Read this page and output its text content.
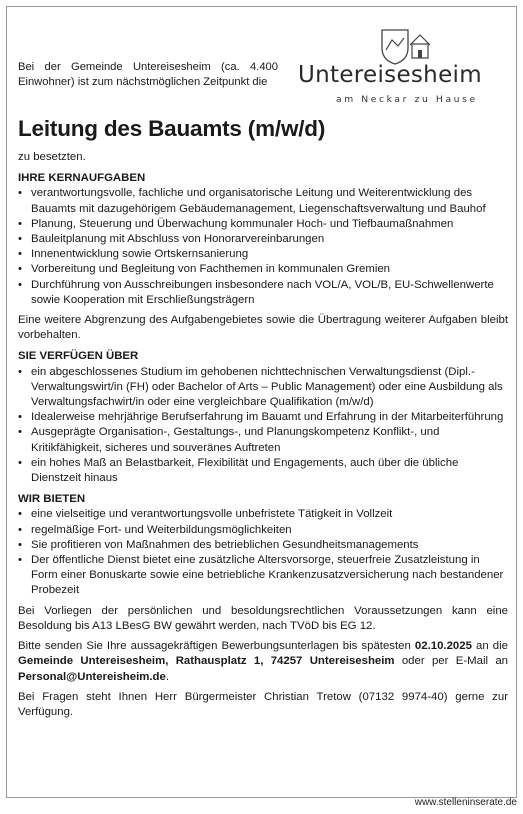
Bei der Gemeinde Untereisesheim (ca. 4.400 Einwohner) ist zum nächstmöglichen Zeitpunkt die	Untereisesheim
am Neckar zu Hause
Leitung des Bauamts (m/w/d)
zu besetzten.
IHRE KERNAUFGABEN
• verantwortungsvolle, fachliche und organisatorische Leitung und Weiterentwicklung des Bauamts mit dazugehörigem Gebäudemanagement, Liegenschaftsverwaltung und Bauhof
• Planung, Steuerung und Überwachung kommunaler Hoch- und Tiefbaumaßnahmen
• Bauleitplanung mit Abschluss von Honorarvereinbarungen
• Innenentwicklung sowie Ortskernsanierung
• Vorbereitung und Begleitung von Fachthemen in kommunalen Gremien
• Durchführung von Ausschreibungen insbesondere nach VOL/A, VOL/B, EU-Schwellenwerte sowie Kooperation mit Erschließungsträgern
Eine weitere Abgrenzung des Aufgabengebietes sowie die Übertragung weiterer Aufgaben bleibt vorbehalten.
SIE VERFÜGEN ÜBER
• ein abgeschlossenes Studium im gehobenen nichttechnischen Verwaltungsdienst (Dipl.-Verwaltungswirt/in (FH) oder Bachelor of Arts – Public Management) oder eine Ausbildung als Verwaltungsfachwirt/in oder eine vergleichbare Qualifikation (m/w/d)
• Idealerweise mehrjährige Berufserfahrung im Bauamt und Erfahrung in der Mitarbeiterführung
• Ausgeprägte Organisation-, Gestaltungs-, und Planungskompetenz Konflikt-, und Kritikfähigkeit, sicheres und souveränes Auftreten
• ein hohes Maß an Belastbarkeit, Flexibilität und Engagements, auch über die übliche Dienstzeit hinaus
WIR BIETEN
• eine vielseitige und verantwortungsvolle unbefristete Tätigkeit in Vollzeit
• regelmäßige Fort- und Weiterbildungsmöglichkeiten
• Sie profitieren von Maßnahmen des betrieblichen Gesundheitsmanagements
• Der öffentliche Dienst bietet eine zusätzliche Altersvorsorge, steuerfreie Zusatzleistung in Form einer Bonuskarte sowie eine betriebliche Krankenzusatzversicherung nach bestandener Probezeit
Bei Vorliegen der persönlichen und besoldungsrechtlichen Voraussetzungen kann eine Besoldung bis A13 LBesG BW gewährt werden, nach TVöD bis EG 12.
Bitte senden Sie Ihre aussagekräftigen Bewerbungsunterlagen bis spätesten 02.10.2025 an die Gemeinde Untereisesheim, Rathausplatz 1, 74257 Untereisesheim oder per E-Mail an Personal@Untereisheim.de.
Bei Fragen steht Ihnen Herr Bürgermeister Christian Tretow (07132 9974-40) gerne zur Verfügung.
www.stelleninserate.de
